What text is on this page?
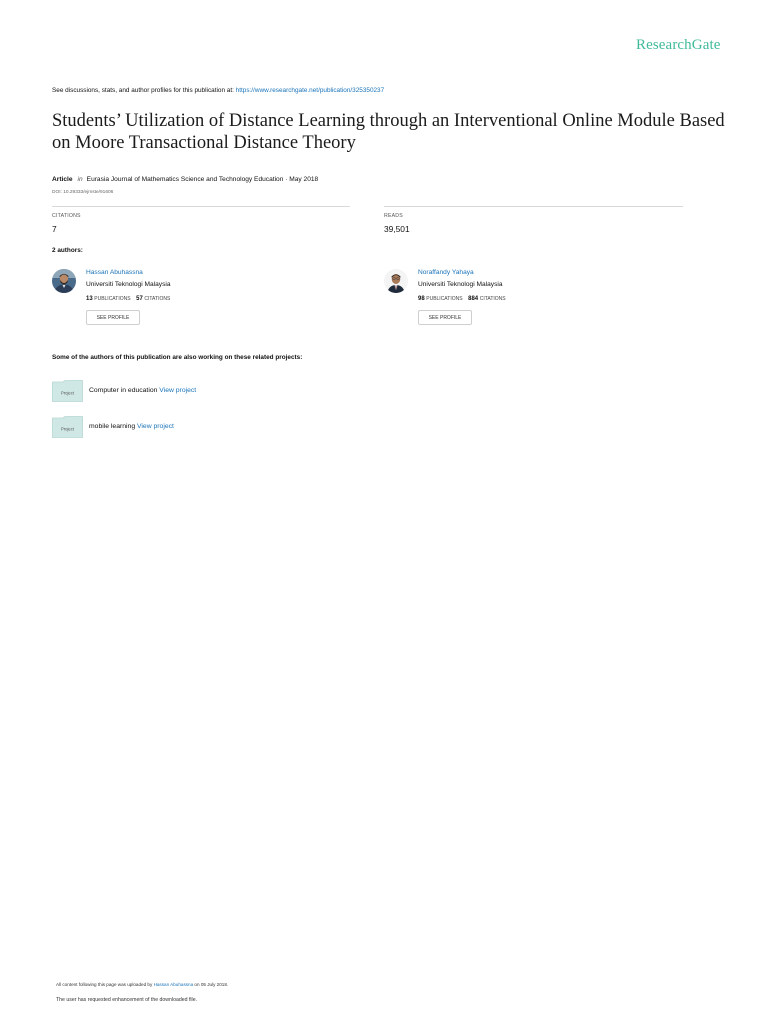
ResearchGate
See discussions, stats, and author profiles for this publication at: https://www.researchgate.net/publication/325350237
Students’ Utilization of Distance Learning through an Interventional Online Module Based on Moore Transactional Distance Theory
Article in Eurasia Journal of Mathematics Science and Technology Education · May 2018
DOI: 10.29333/ejmste/91606
CITATIONS
7
READS
39,501
2 authors:
Hassan Abuhassna
Universiti Teknologi Malaysia
13 PUBLICATIONS 57 CITATIONS
SEE PROFILE
Noraffandy Yahaya
Universiti Teknologi Malaysia
98 PUBLICATIONS 884 CITATIONS
SEE PROFILE
Some of the authors of this publication are also working on these related projects:
Project Computer in education View project
Project mobile learning View project
All content following this page was uploaded by Hassan Abuhassna on 05 July 2018.
The user has requested enhancement of the downloaded file.
